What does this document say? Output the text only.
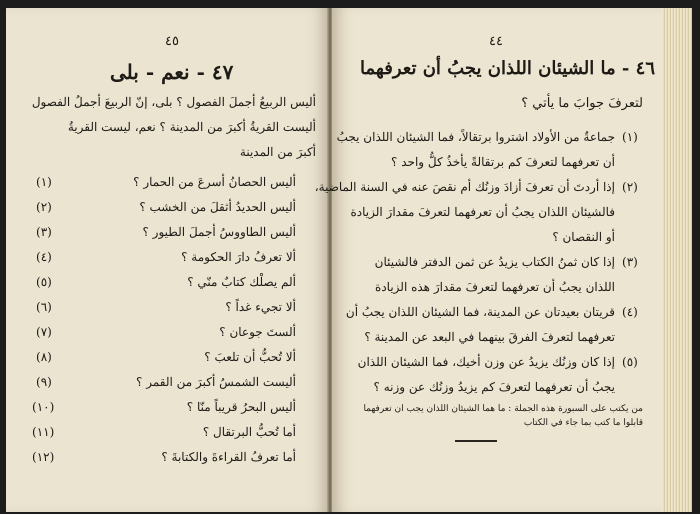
٤٥
٤٧ - نعم - بلى
أليس الربيعُ أجملَ الفصول ؟ بلى، إنّ الربيعَ أجملُ الفصول
أليست القريةُ أكبرَ من المدينة ؟ نعم، ليست القريةُ
أكبرَ من المدينة
(١)	أليس الحصانُ أسرعَ من الحمار ؟
(٢)	أليس الحديدُ أثقلَ من الخشب ؟
(٣)	أليس الطاووسُ أجملَ الطيور ؟
(٤)	ألا تعرفُ دارَ الحكومة ؟
(٥)	ألم يصلْك كتابٌ منّي ؟
(٦)	ألا تجيء غداً ؟
(٧)	ألستَ جوعان ؟
(٨)	ألا تُحبُّ أن تلعبَ ؟
(٩)	أليست الشمسُ أكبرَ من القمر ؟
(١٠)	أليس البحرُ قريباً منّا ؟
(١١)	أما تُحبُّ البرتقال ؟
(١٢)	أما تعرفُ القراءةَ والكتابةَ ؟
٤٤
٤٦ - ما الشيئان اللذان يجبُ أن تعرفهما
لتعرفَ جوابَ ما يأتي ؟
(١)
جماعةٌ من الأولاد اشتروا برتقالاً، فما الشيئان اللذان يجبُ
أن تعرفهما لتعرفَ كم برتقالةً يأخذُ كلُّ واحد ؟
(٢)
إذا أردتَ أن تعرفَ أزادَ وزنُك أم نقصَ عنه في السنة الماضية،
فالشيئان اللذان يجبُ أن تعرفهما لتعرفَ مقدارَ الزيادة
أو النقصان ؟
(٣)
إذا كان ثمنُ الكتاب يزيدُ عن ثمن الدفتر فالشيئان
اللذان يجبُ أن تعرفهما لتعرفَ مقدارَ هذه الزيادة
(٤)
قريتان بعيدتان عن المدينة، فما الشيئان اللذان يجبُ أن
تعرفهما لتعرفَ الفرقَ بينهما في البعد عن المدينة ؟
(٥)
إذا كان وزنُك يزيدُ عن وزن أخيك، فما الشيئان اللذان
يجبُ أن تعرفهما لتعرفَ كم يزيدُ وزنُك عن وزنه ؟
من يكتب على السبورة هذه الجملة : ما هما الشيئان اللذان يجب ان تعرفهما
قابلوا ما كتب بما جاء في الكتاب
